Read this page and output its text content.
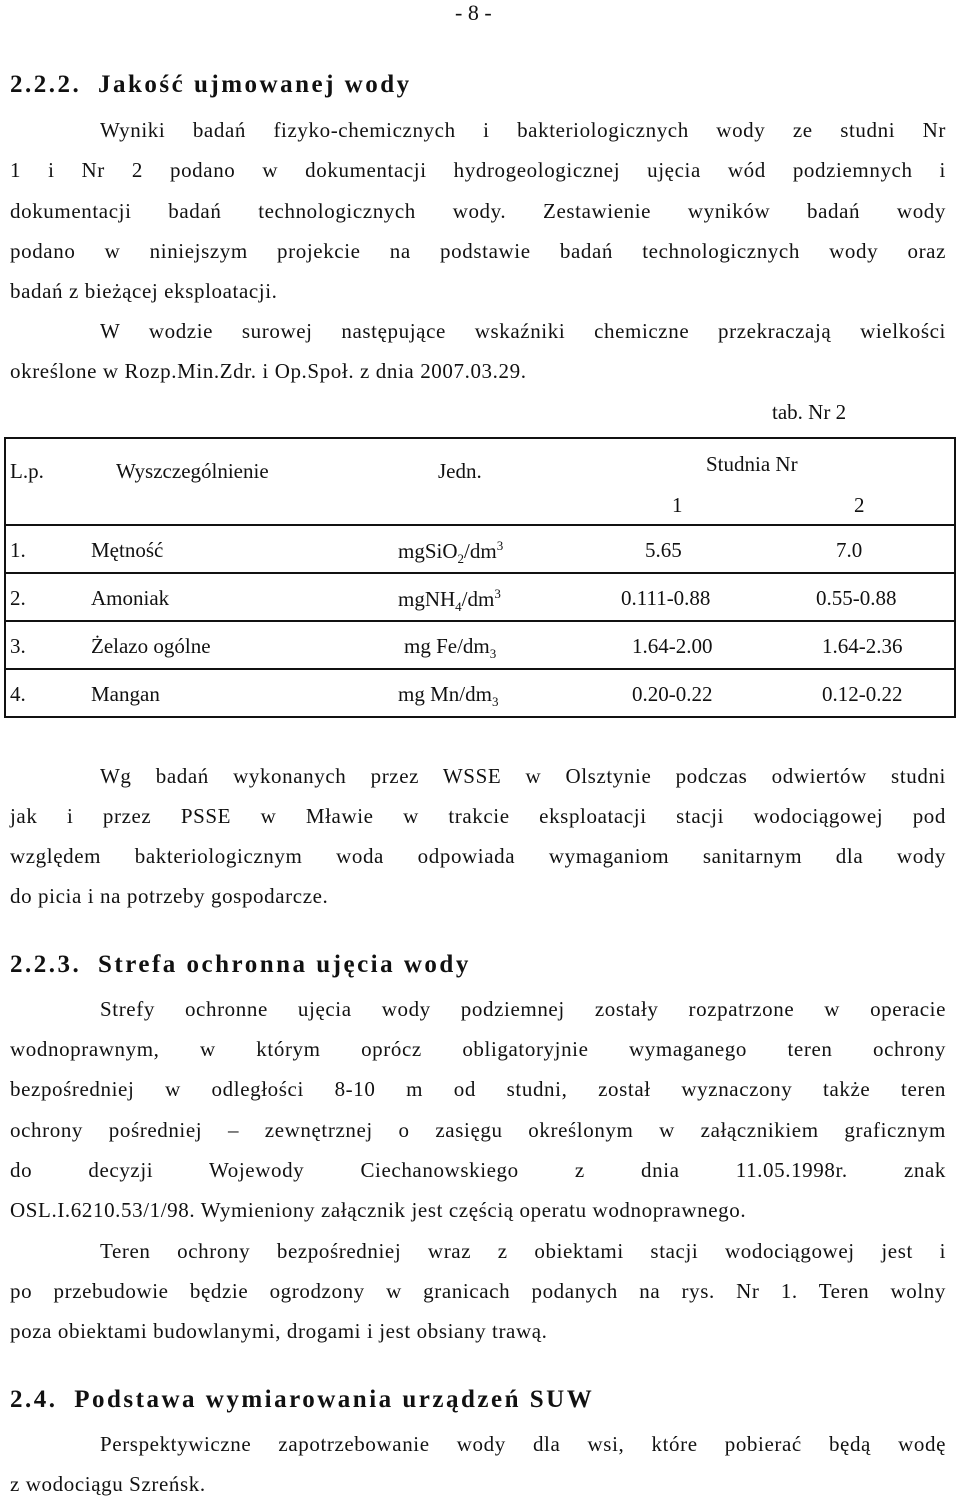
- 8 -
2.2.2. Jakość ujmowanej wody
Wyniki badań fizyko-chemicznych i bakteriologicznych wody ze studni Nr
1 i Nr 2 podano w dokumentacji hydrogeologicznej ujęcia wód podziemnych i
dokumentacji badań technologicznych wody. Zestawienie wyników badań wody
podano w niniejszym projekcie na podstawie badań technologicznych wody oraz
badań z bieżącej eksploatacji.
W wodzie surowej następujące wskaźniki chemiczne przekraczają wielkości
określone w Rozp.Min.Zdr. i Op.Społ. z dnia 2007.03.29.
tab. Nr 2
L.p.	Wyszczególnienie	Jedn.	Studnia Nr
1	2
1.	Mętność	$mgSiO_2/dm^3$	5.65	7.0
2.	Amoniak	$mgNH_4/dm^3$	0.111-0.88	0.55-0.88
3.	Żelazo ogólne	mg $Fe/dm_3$	1.64-2.00	1.64-2.36
4.	Mangan	mg $Mn/dm_3$	0.20-0.22	0.12-0.22
Wg badań wykonanych przez WSSE w Olsztynie podczas odwiertów studni
jak i przez PSSE w Mławie w trakcie eksploatacji stacji wodociągowej pod
względem bakteriologicznym woda odpowiada wymaganiom sanitarnym dla wody
do picia i na potrzeby gospodarcze.
2.2.3. Strefa ochronna ujęcia wody
Strefy ochronne ujęcia wody podziemnej zostały rozpatrzone w operacie
wodnoprawnym, w którym oprócz obligatoryjnie wymaganego teren ochrony
bezpośredniej w odległości 8-10 m od studni, został wyznaczony także teren
ochrony pośredniej – zewnętrznej o zasięgu określonym w załącznikiem graficznym
do decyzji Wojewody Ciechanowskiego z dnia 11.05.1998r. znak
OSL.I.6210.53/1/98. Wymieniony załącznik jest częścią operatu wodnoprawnego.
Teren ochrony bezpośredniej wraz z obiektami stacji wodociągowej jest i
po przebudowie będzie ogrodzony w granicach podanych na rys. Nr 1. Teren wolny
poza obiektami budowlanymi, drogami i jest obsiany trawą.
2.4. Podstawa wymiarowania urządzeń SUW
Perspektywiczne zapotrzebowanie wody dla wsi, które pobierać będą wodę
z wodociągu Szreńsk.
